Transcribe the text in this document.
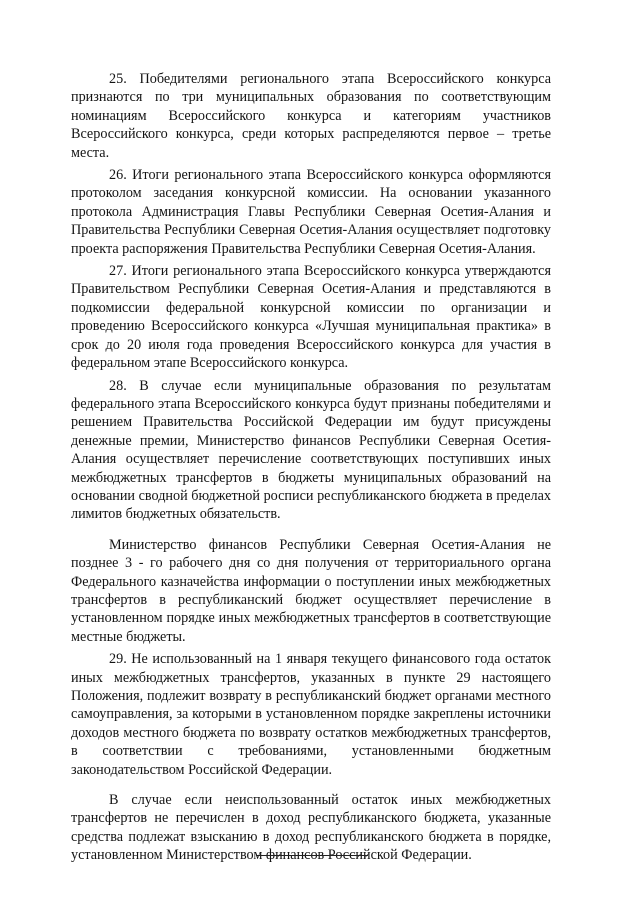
25. Победителями регионального этапа Всероссийского конкурса признаются по три муниципальных образования по соответствующим номинациям Всероссийского конкурса и категориям участников Всероссийского конкурса, среди которых распределяются первое – третье места.

26. Итоги регионального этапа Всероссийского конкурса оформляются протоколом заседания конкурсной комиссии. На основании указанного протокола Администрация Главы Республики Северная Осетия-Алания и Правительства Республики Северная Осетия-Алания осуществляет подготовку проекта распоряжения Правительства Республики Северная Осетия-Алания.

27. Итоги регионального этапа Всероссийского конкурса утверждаются Правительством Республики Северная Осетия-Алания и представляются в подкомиссии федеральной конкурсной комиссии по организации и проведению Всероссийского конкурса «Лучшая муниципальная практика» в срок до 20 июля года проведения Всероссийского конкурса для участия в федеральном этапе Всероссийского конкурса.

28. В случае если муниципальные образования по результатам федерального этапа Всероссийского конкурса будут признаны победителями и решением Правительства Российской Федерации им будут присуждены денежные премии, Министерство финансов Республики Северная Осетия-Алания осуществляет перечисление соответствующих поступивших иных межбюджетных трансфертов в бюджеты муниципальных образований на основании сводной бюджетной росписи республиканского бюджета в пределах лимитов бюджетных обязательств.

Министерство финансов Республики Северная Осетия-Алания не позднее 3 - го рабочего дня со дня получения от территориального органа Федерального казначейства информации о поступлении иных межбюджетных трансфертов в республиканский бюджет осуществляет перечисление в установленном порядке иных межбюджетных трансфертов в соответствующие местные бюджеты.

29. Не использованный на 1 января текущего финансового года остаток иных межбюджетных трансфертов, указанных в пункте 29 настоящего Положения, подлежит возврату в республиканский бюджет органами местного самоуправления, за которыми в установленном порядке закреплены источники доходов местного бюджета по возврату остатков межбюджетных трансфертов, в соответствии с требованиями, установленными бюджетным законодательством Российской Федерации.

В случае если неиспользованный остаток иных межбюджетных трансфертов не перечислен в доход республиканского бюджета, указанные средства подлежат взысканию в доход республиканского бюджета в порядке, установленном Министерством финансов Российской Федерации.
